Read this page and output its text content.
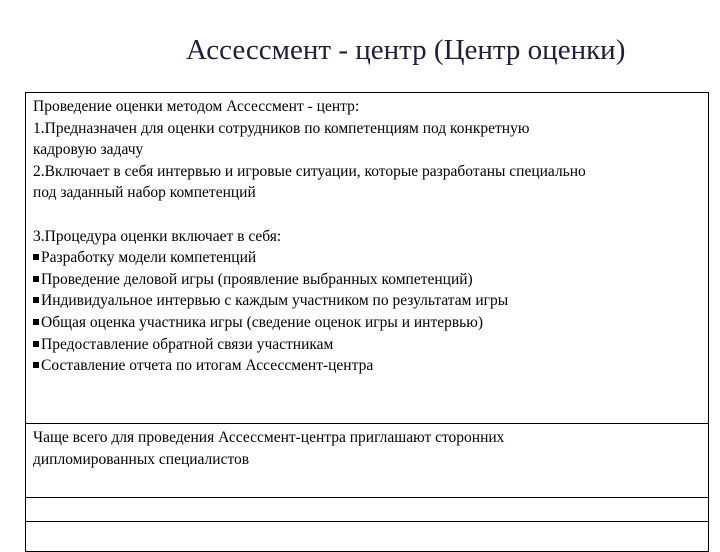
Ассессмент - центр (Центр оценки)
Проведение оценки методом Ассессмент - центр:
1.Предназначен для оценки сотрудников по компетенциям под конкретную
кадровую задачу
2.Включает в себя интервью и игровые ситуации, которые разработаны специально
под заданный набор компетенций
3.Процедура оценки включает в себя:
Разработку модели компетенций
Проведение деловой игры (проявление выбранных компетенций)
Индивидуальное интервью с каждым участником по результатам игры
Общая оценка участника игры (сведение оценок игры и интервью)
Предоставление обратной связи участникам
Составление отчета по итогам Ассессмент-центра
Чаще всего для проведения Ассессмент-центра приглашают сторонних
дипломированных специалистов
